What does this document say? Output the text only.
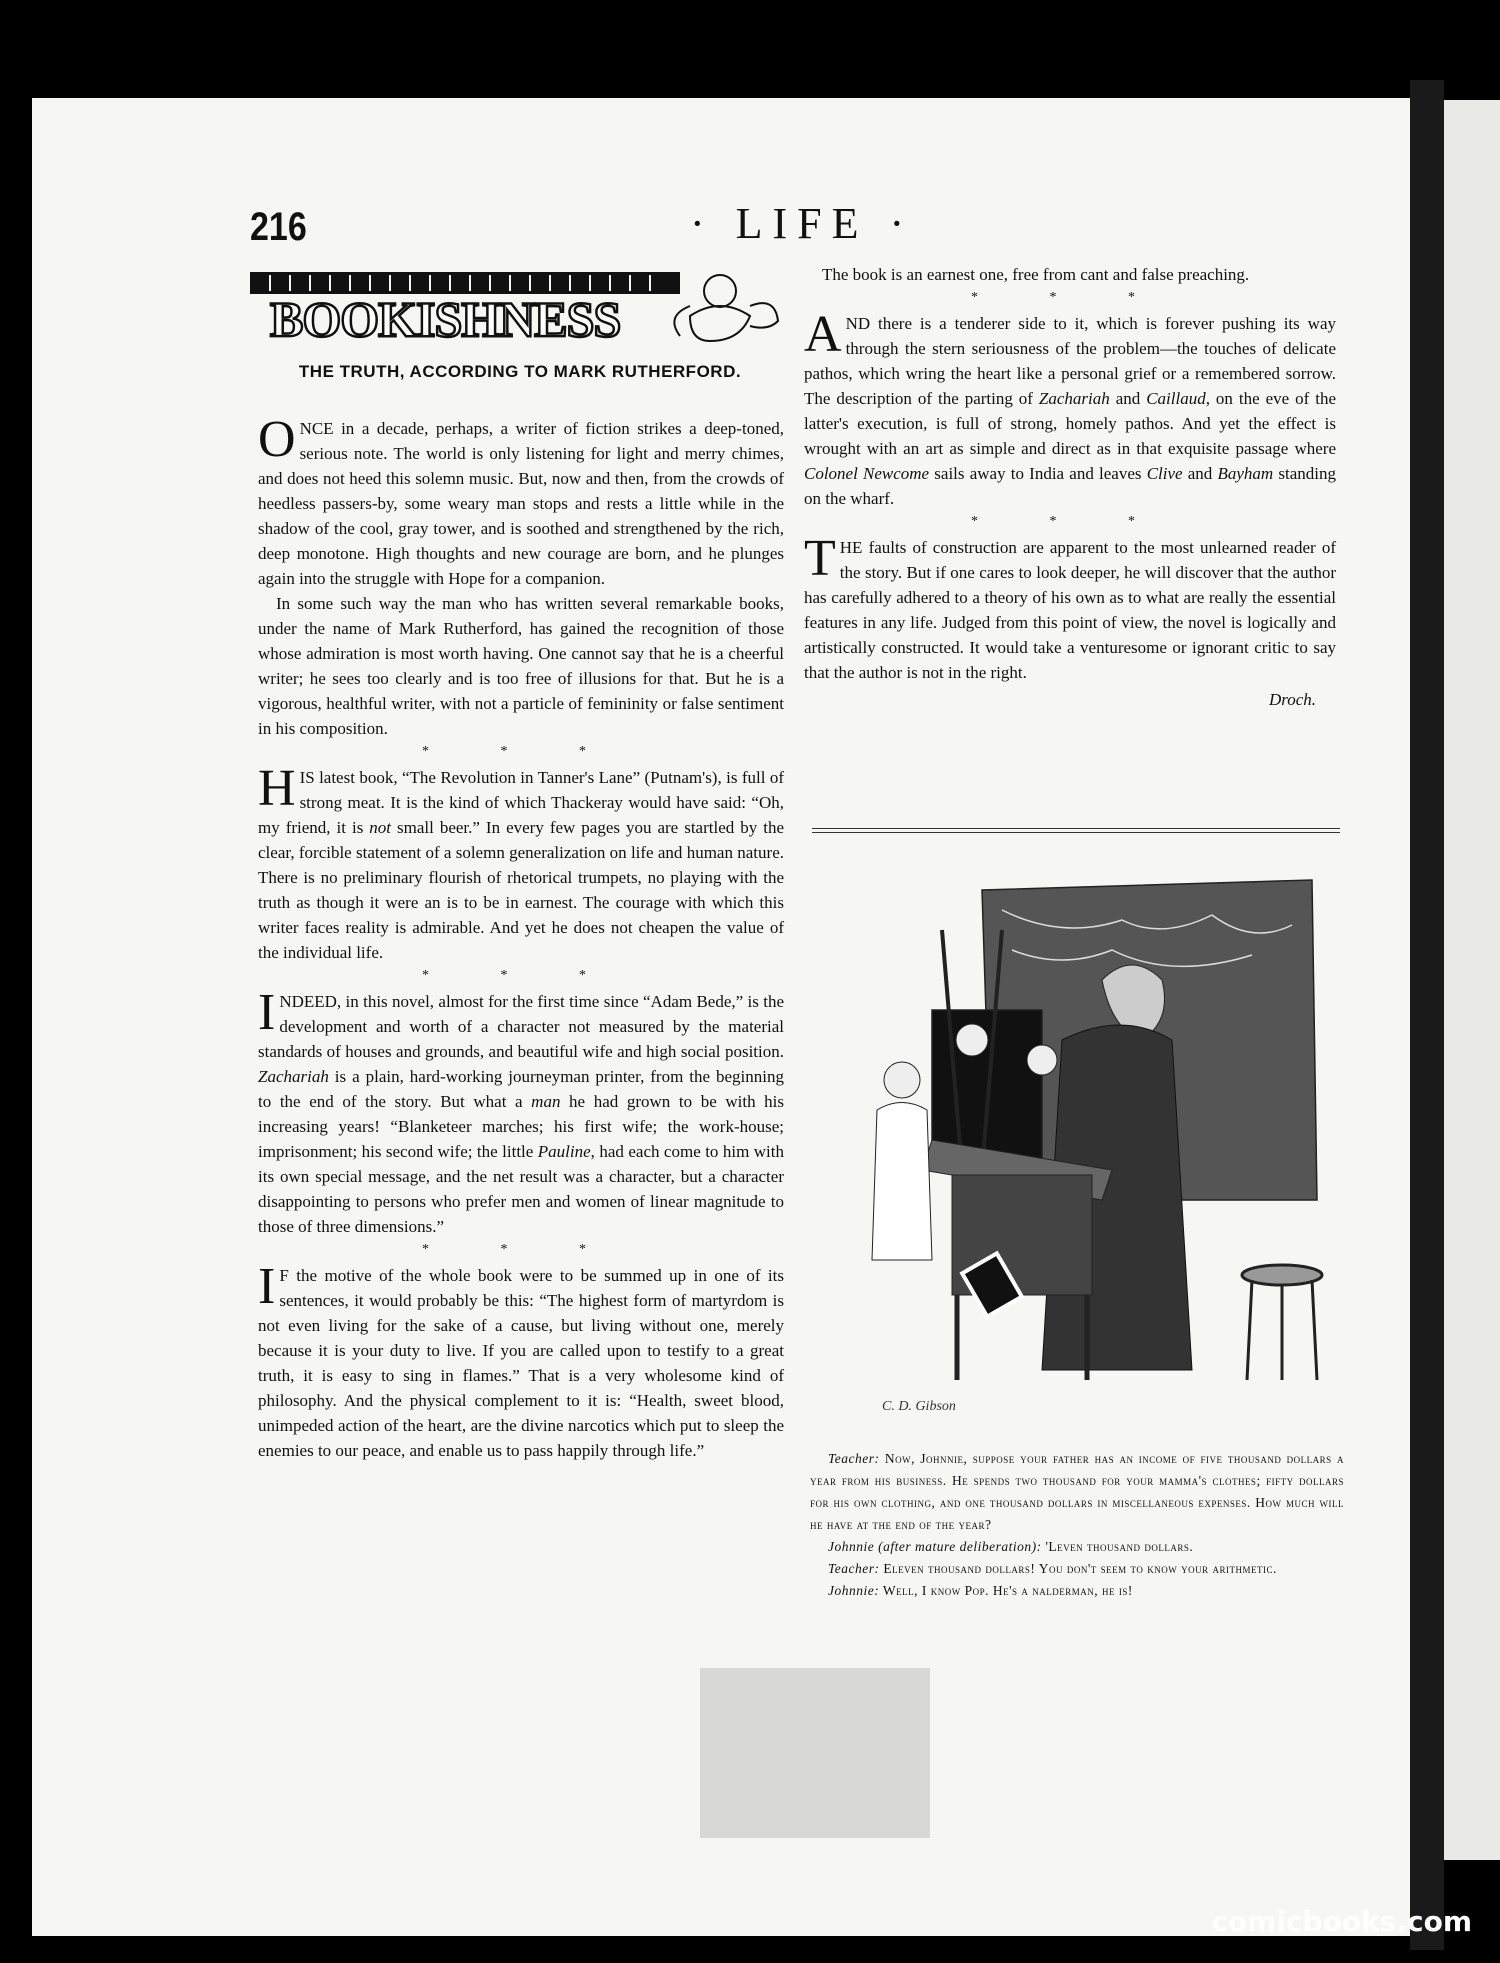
216	· LIFE ·
BOOKISHNESS
THE TRUTH, ACCORDING TO MARK RUTHERFORD.

ONCE in a decade, perhaps, a writer of fiction strikes a deep-toned, serious note. The world is only listening for light and merry chimes, and does not heed this solemn music. But, now and then, from the crowds of heedless passers-by, some weary man stops and rests a little while in the shadow of the cool, gray tower, and is soothed and strengthened by the rich, deep monotone. High thoughts and new courage are born, and he plunges again into the struggle with Hope for a companion.

In some such way the man who has written several remarkable books, under the name of Mark Rutherford, has gained the recognition of those whose admiration is most worth having. One cannot say that he is a cheerful writer; he sees too clearly and is too free of illusions for that. But he is a vigorous, healthful writer, with not a particle of femininity or false sentiment in his composition.

* * *

HIS latest book, “The Revolution in Tanner's Lane” (Putnam's), is full of strong meat. It is the kind of which Thackeray would have said: “Oh, my friend, it is not small beer.” In every few pages you are startled by the clear, forcible statement of a solemn generalization on life and human nature. There is no preliminary flourish of rhetorical trumpets, no playing with the truth as though it were an is to be in earnest. The courage with which this writer faces reality is admirable. And yet he does not cheapen the value of the individual life.

* * *

INDEED, in this novel, almost for the first time since “Adam Bede,” is the development and worth of a character not measured by the material standards of houses and grounds, and beautiful wife and high social position. Zachariah is a plain, hard-working journeyman printer, from the beginning to the end of the story. But what a man he had grown to be with his increasing years! “Blanketeer marches; his first wife; the work-house; imprisonment; his second wife; the little Pauline, had each come to him with its own special message, and the net result was a character, but a character disappointing to persons who prefer men and women of linear magnitude to those of three dimensions.”

* * *

I F the motive of the whole book were to be summed up in one of its sentences, it would probably be this: “The highest form of martyrdom is not even living for the sake of a cause, but living without one, merely because it is your duty to live. If you are called upon to testify to a great truth, it is easy to sing in flames.” That is a very wholesome kind of philosophy. And the physical complement to it is: “Health, sweet blood, unimpeded action of the heart, are the divine narcotics which put to sleep the enemies to our peace, and enable us to pass happily through life.”

The book is an earnest one, free from cant and false preaching.

* * *

AND there is a tenderer side to it, which is forever pushing its way through the stern seriousness of the problem—the touches of delicate pathos, which wring the heart like a personal grief or a remembered sorrow. The description of the parting of Zachariah and Caillaud, on the eve of the latter's execution, is full of strong, homely pathos. And yet the effect is wrought with an art as simple and direct as in that exquisite passage where Colonel Newcome sails away to India and leaves Clive and Bayham standing on the wharf.

* * *

THE faults of construction are apparent to the most unlearned reader of the story. But if one cares to look deeper, he will discover that the author has carefully adhered to a theory of his own as to what are really the essential features in any life. Judged from this point of view, the novel is logically and artistically constructed. It would take a venturesome or ignorant critic to say that the author is not in the right.

Droch.
C. D. Gibson

Teacher: Now, Johnnie, suppose your father has an income of five thousand dollars a year from his business. He spends two thousand for your mamma's clothes; fifty dollars for his own clothing, and one thousand dollars in miscellaneous expenses. How much will he have at the end of the year?

Johnnie (after mature deliberation): 'Leven thousand dollars.

Teacher: Eleven thousand dollars! You don't seem to know your arithmetic.

Johnnie: Well, I know Pop. He's a nalderman, he is!

comicbooks.com
